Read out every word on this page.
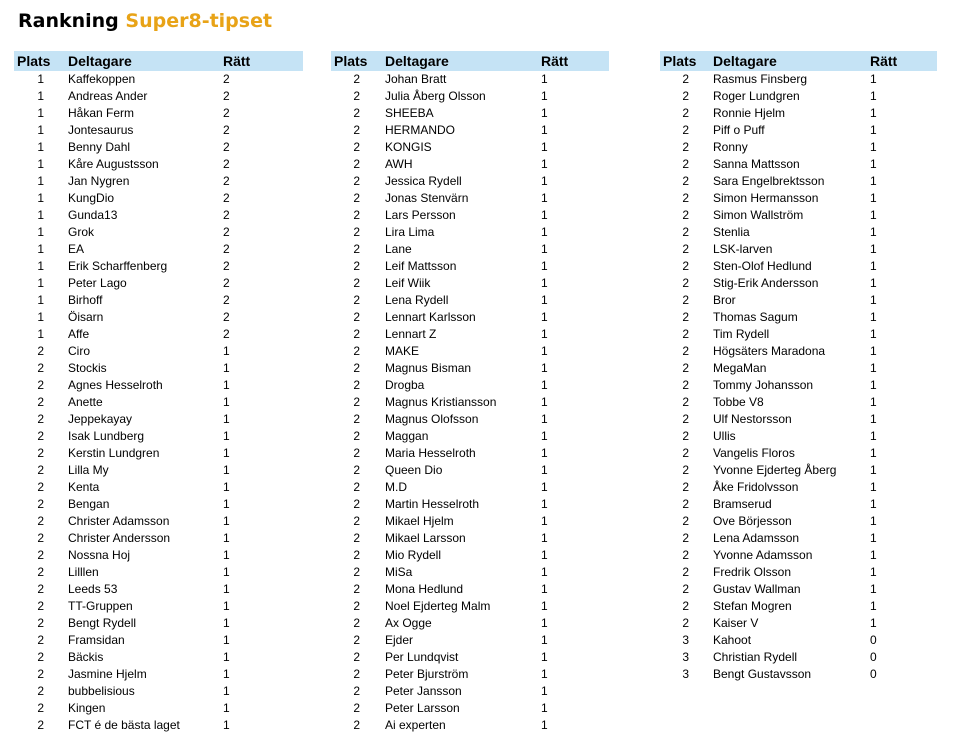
Rankning Super8-tipset
Plats Deltagare	Rätt
1 Kaffekoppen	2
1 Andreas Ander	2
1 Håkan Ferm	2
1 Jontesaurus	2
1 Benny Dahl	2
1 Kåre Augustsson	2
1 Jan Nygren	2
1 KungDio	2
1 Gunda13	2
1 Grok	2
1 EA	2
1 Erik Scharffenberg	2
1 Peter Lago	2
1 Birhoff	2
1 Öisarn	2
1 Affe	2
2 Ciro	1
2 Stockis	1
2 Agnes Hesselroth	1
2 Anette	1
2 Jeppekayay	1
2 Isak Lundberg	1
2 Kerstin Lundgren	1
2 Lilla My	1
2 Kenta	1
2 Bengan	1
2 Christer Adamsson	1
2 Christer Andersson	1
2 Nossna Hoj	1
2 Lilllen	1
2 Leeds 53	1
2 TT-Gruppen	1
2 Bengt Rydell	1
2 Framsidan	1
2 Bäckis	1
2 Jasmine Hjelm	1
2 bubbelisious	1
2 Kingen	1
2 FCT é de bästa laget	1
Plats Deltagare	Rätt
2 Johan Bratt	1
2 Julia Åberg Olsson	1
2 SHEEBA	1
2 HERMANDO	1
2 KONGIS	1
2 AWH	1
2 Jessica Rydell	1
2 Jonas Stenvärn	1
2 Lars Persson	1
2 Lira Lima	1
2 Lane	1
2 Leif Mattsson	1
2 Leif Wiik	1
2 Lena Rydell	1
2 Lennart Karlsson	1
2 Lennart Z	1
2 MAKE	1
2 Magnus Bisman	1
2 Drogba	1
2 Magnus Kristiansson	1
2 Magnus Olofsson	1
2 Maggan	1
2 Maria Hesselroth	1
2 Queen Dio	1
2 M.D	1
2 Martin Hesselroth	1
2 Mikael Hjelm	1
2 Mikael Larsson	1
2 Mio Rydell	1
2 MiSa	1
2 Mona Hedlund	1
2 Noel Ejderteg Malm	1
2 Ax Ogge	1
2 Ejder	1
2 Per Lundqvist	1
2 Peter Bjurström	1
2 Peter Jansson	1
2 Peter Larsson	1
2 Ai experten	1
Plats Deltagare	Rätt
2 Rasmus Finsberg	1
2 Roger Lundgren	1
2 Ronnie Hjelm	1
2 Piff o Puff	1
2 Ronny	1
2 Sanna Mattsson	1
2 Sara Engelbrektsson	1
2 Simon Hermansson	1
2 Simon Wallström	1
2 Stenlia	1
2 LSK-larven	1
2 Sten-Olof Hedlund	1
2 Stig-Erik Andersson	1
2 Bror	1
2 Thomas Sagum	1
2 Tim Rydell	1
2 Högsäters Maradona	1
2 MegaMan	1
2 Tommy Johansson	1
2 Tobbe V8	1
2 Ulf Nestorsson	1
2 Ullis	1
2 Vangelis Floros	1
2 Yvonne Ejderteg Åberg	1
2 Åke Fridolvsson	1
2 Bramserud	1
2 Ove Börjesson	1
2 Lena Adamsson	1
2 Yvonne Adamsson	1
2 Fredrik Olsson	1
2 Gustav Wallman	1
2 Stefan Mogren	1
2 Kaiser V	1
3 Kahoot	0
3 Christian Rydell	0
3 Bengt Gustavsson	0
